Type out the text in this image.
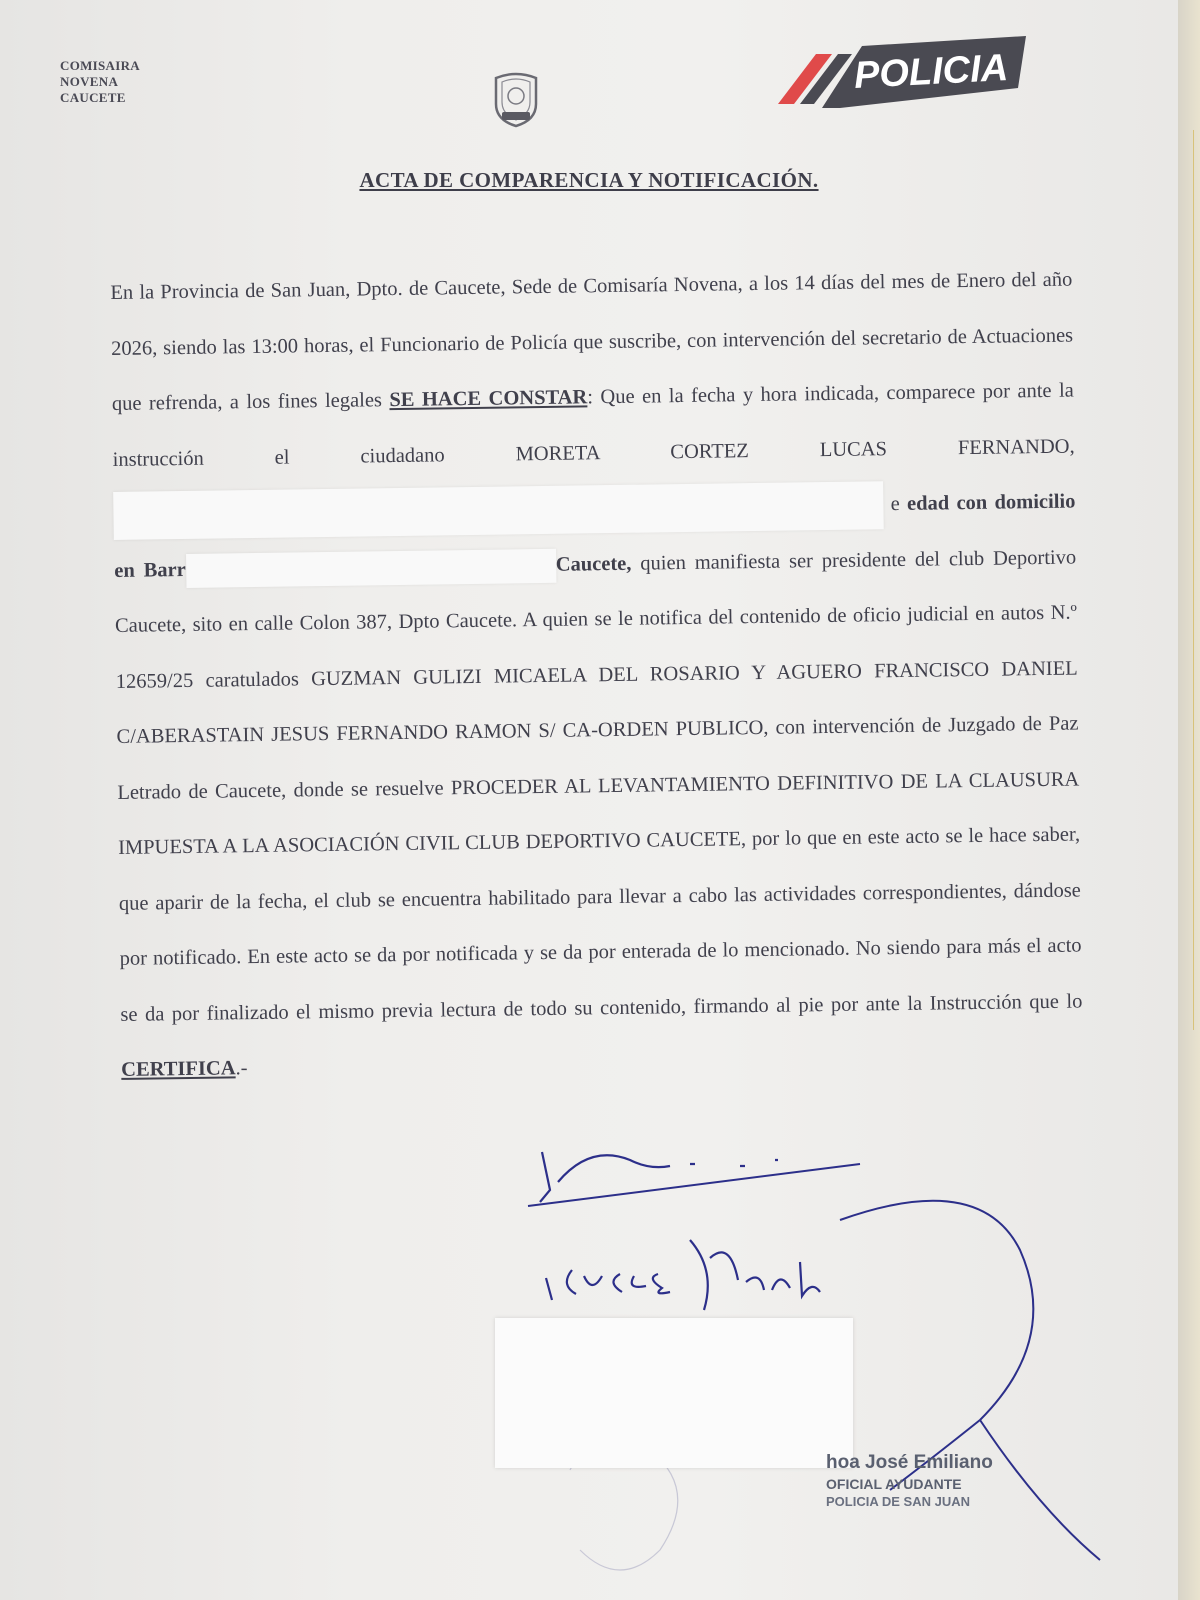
COMISAIRA
NOVENA
CAUCETE
POLICIA
ACTA DE COMPARENCIA Y NOTIFICACIÓN.

En la Provincia de San Juan, Dpto. de Caucete, Sede de Comisaría Novena, a los 14 días del mes de Enero del año 2026, siendo las 13:00 horas, el Funcionario de Policía que suscribe, con intervención del secretario de Actuaciones que refrenda, a los fines legales SE HACE CONSTAR: Que en la fecha y hora indicada, comparece por ante la instrucción el ciudadano MORETA CORTEZ LUCAS FERNANDO,  e edad con domicilio en Barr	Caucete, quien manifiesta ser presidente del club Deportivo Caucete, sito en calle Colon 387, Dpto Caucete. A quien se le notifica del contenido de oficio judicial en autos N.º 12659/25 caratulados GUZMAN GULIZI MICAELA DEL ROSARIO Y AGUERO FRANCISCO DANIEL C/ABERASTAIN JESUS FERNANDO RAMON S/ CA-ORDEN PUBLICO, con intervención de Juzgado de Paz Letrado de Caucete, donde se resuelve PROCEDER AL LEVANTAMIENTO DEFINITIVO DE LA CLAUSURA IMPUESTA A LA ASOCIACIÓN CIVIL CLUB DEPORTIVO CAUCETE, por lo que en este acto se le hace saber, que aparir de la fecha, el club se encuentra habilitado para llevar a cabo las actividades correspondientes, dándose por notificado. En este acto se da por notificada y se da por enterada de lo mencionado. No siendo para más el acto se da por finalizado el mismo previa lectura de todo su contenido, firmando al pie por ante la Instrucción que lo CERTIFICA.-

hoa José Emiliano
OFICIAL AYUDANTE
POLICIA DE SAN JUAN
